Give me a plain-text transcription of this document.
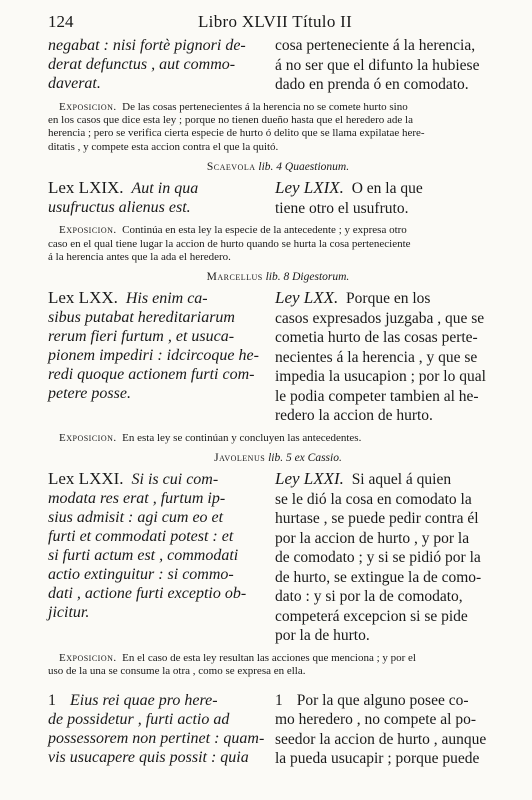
124	Libro XLVII Título II
negabat : nisi fortè pignori de-
derat defunctus , aut commo-
daverat.
cosa perteneciente á la herencia,
á no ser que el difunto la hubiese
dado en prenda ó en comodato.
 Exposicion.  De las cosas pertenecientes á la herencia no se comete hurto sino
en los casos que dice esta ley ; porque no tienen dueño hasta que el heredero ade la
herencia ; pero se verifica cierta especie de hurto ó delito que se llama expilatae here-
ditatis , y compete esta accion contra el que la quitó.
Scaevola lib. 4 Quaestionum.
Lex LXIX.  Aut in qua
usufructus alienus est.
Ley LXIX.  O en la que
tiene otro el usufruto.
 Exposicion.  Continúa en esta ley la especie de la antecedente ; y expresa otro
caso en el qual tiene lugar la accion de hurto quando se hurta la cosa perteneciente
á la herencia antes que la ada el heredero.
Marcellus lib. 8 Digestorum.
Lex LXX.  His enim ca-
sibus putabat hereditariarum
rerum fieri furtum , et usuca-
pionem impediri : idcircoque he-
redi quoque actionem furti com-
petere posse.
Ley LXX.  Porque en los
casos expresados juzgaba , que se
cometia hurto de las cosas perte-
necientes á la herencia , y que se
impedia la usucapion ; por lo qual
le podia competer tambien al he-
redero la accion de hurto.
 Exposicion.  En esta ley se continúan y concluyen las antecedentes.
Javolenus lib. 5 ex Cassio.
Lex LXXI.  Si is cui com-
modata res erat , furtum ip-
sius admisit : agi cum eo et
furti et commodati potest : et
si furti actum est , commodati
actio extinguitur : si commo-
dati , actione furti exceptio ob-
jicitur.
Ley LXXI.  Si aquel á quien
se le dió la cosa en comodato la
hurtase , se puede pedir contra él
por la accion de hurto , y por la
de comodato ; y si se pidió por la
de hurto, se extingue la de como-
dato : y si por la de comodato,
competerá excepcion si se pide
por la de hurto.
 Exposicion.  En el caso de esta ley resultan las acciones que menciona ; y por el
uso de la una se consume la otra , como se expresa en ella.
1 Eius rei quae pro here-
de possidetur , furti actio ad
possessorem non pertinet : quam-
vis usucapere quis possit : quia
1 Por la que alguno posee co-
mo heredero , no compete al po-
seedor la accion de hurto , aunque
la pueda usucapir ; porque puede
